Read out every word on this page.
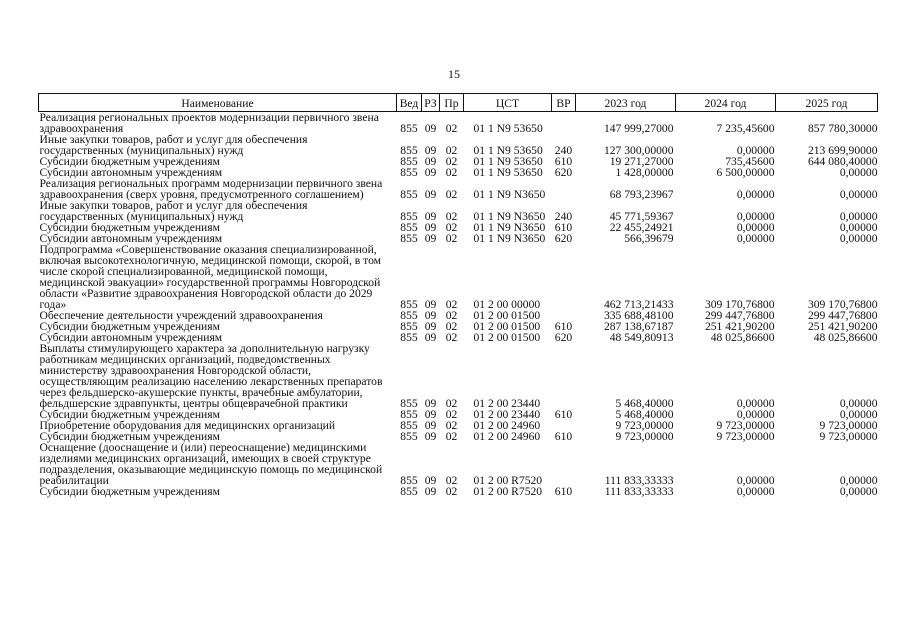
15
Наименование	Вед	РЗ	Пр	ЦСТ	ВР	2023 год	2024 год	2025 год
Реализация региональных проектов модернизации первичного звена здравоохранения	855	09	02	01 1 N9 53650		147 999,27000	7 235,45600	857 780,30000
Иные закупки товаров, работ и услуг для обеспечения государственных (муниципальных) нужд	855	09	02	01 1 N9 53650	240	127 300,00000	0,00000	213 699,90000
Субсидии бюджетным учреждениям	855	09	02	01 1 N9 53650	610	19 271,27000	735,45600	644 080,40000
Субсидии автономным учреждениям	855	09	02	01 1 N9 53650	620	1 428,00000	6 500,00000	0,00000
Реализация региональных программ модернизации первичного звена здравоохранения (сверх уровня, предусмотренного соглашением)	855	09	02	01 1 N9 N3650		68 793,23967	0,00000	0,00000
Иные закупки товаров, работ и услуг для обеспечения государственных (муниципальных) нужд	855	09	02	01 1 N9 N3650	240	45 771,59367	0,00000	0,00000
Субсидии бюджетным учреждениям	855	09	02	01 1 N9 N3650	610	22 455,24921	0,00000	0,00000
Субсидии автономным учреждениям	855	09	02	01 1 N9 N3650	620	566,39679	0,00000	0,00000
Подпрограмма «Совершенствование оказания специализированной, включая высокотехнологичную, медицинской помощи, скорой, в том числе скорой специализированной, медицинской помощи, медицинской эвакуации» государственной программы Новгородской области «Развитие здравоохранения Новгородской области до 2029 года»	855	09	02	01 2 00 00000		462 713,21433	309 170,76800	309 170,76800
Обеспечение деятельности учреждений здравоохранения	855	09	02	01 2 00 01500		335 688,48100	299 447,76800	299 447,76800
Субсидии бюджетным учреждениям	855	09	02	01 2 00 01500	610	287 138,67187	251 421,90200	251 421,90200
Субсидии автономным учреждениям	855	09	02	01 2 00 01500	620	48 549,80913	48 025,86600	48 025,86600
Выплаты стимулирующего характера за дополнительную нагрузку работникам медицинских организаций, подведомственных министерству здравоохранения Новгородской области, осуществляющим реализацию населению лекарственных препаратов через фельдшерско-акушерские пункты, врачебные амбулатории, фельдшерские здравпункты, центры общеврачебной практики	855	09	02	01 2 00 23440		5 468,40000	0,00000	0,00000
Субсидии бюджетным учреждениям	855	09	02	01 2 00 23440	610	5 468,40000	0,00000	0,00000
Приобретение оборудования для медицинских организаций	855	09	02	01 2 00 24960		9 723,00000	9 723,00000	9 723,00000
Субсидии бюджетным учреждениям	855	09	02	01 2 00 24960	610	9 723,00000	9 723,00000	9 723,00000
Оснащение (дооснащение и (или) переоснащение) медицинскими изделиями медицинских организаций, имеющих в своей структуре подразделения, оказывающие медицинскую помощь по медицинской реабилитации	855	09	02	01 2 00 R7520		111 833,33333	0,00000	0,00000
Субсидии бюджетным учреждениям	855	09	02	01 2 00 R7520	610	111 833,33333	0,00000	0,00000
